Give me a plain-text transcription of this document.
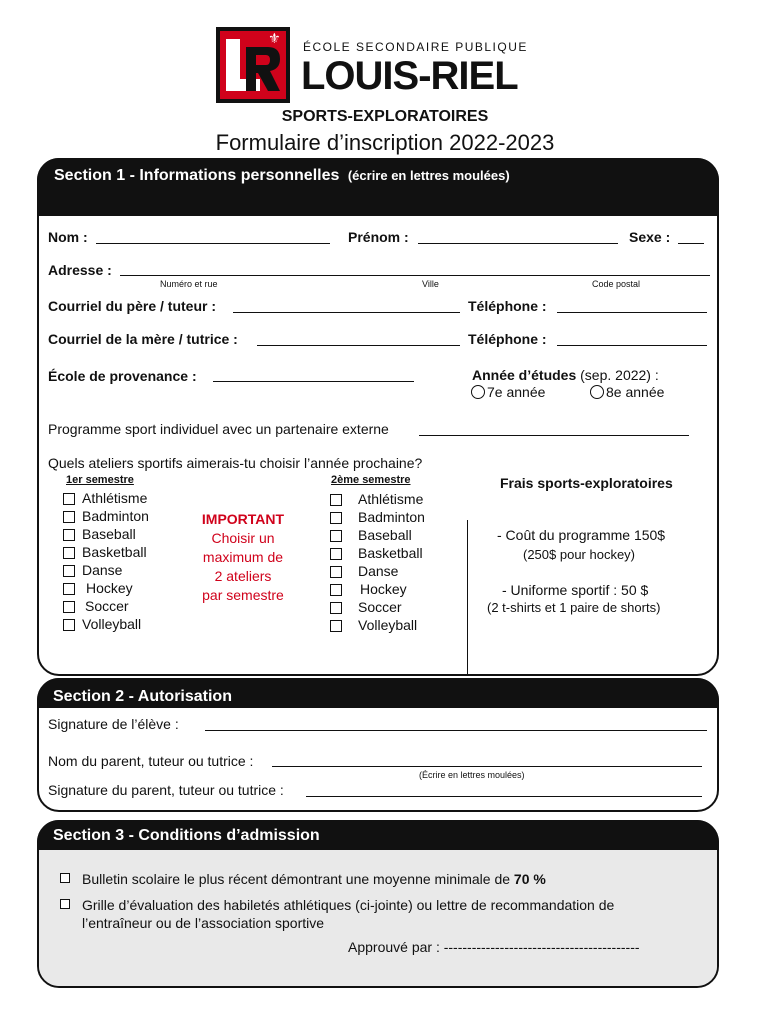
⚜ ÉCOLE SECONDAIRE PUBLIQUE
LOUIS-RIEL
SPORTS-EXPLORATOIRES
Formulaire d’inscription 2022-2023
Section 1 - Informations personnelles (écrire en lettres moulées)
Nom :	Prénom :	Sexe :
Adresse :
Numéro et rue	Ville	Code postal
Courriel du père / tuteur :	Téléphone :
Courriel de la mère / tutrice :	Téléphone :
École de provenance :	Année d’études (sep. 2022) :
7e année	8e année
Programme sport individuel avec un partenaire externe
Quels ateliers sportifs aimerais-tu choisir l’année prochaine?
1er semestre	2ème semestre
Athlétisme
Badminton
Baseball
Basketball
Danse
Hockey
Soccer
Volleyball
IMPORTANT
Choisir un
maximum de
2 ateliers
par semestre
Athlétisme
Badminton
Baseball
Basketball
Danse
Hockey
Soccer
Volleyball
Frais sports-exploratoires
- Coût du programme 150$
(250$ pour hockey)
- Uniforme sportif : 50 $
(2 t-shirts et 1 paire de shorts)
Section 2 - Autorisation
Signature de l’élève :
Nom du parent, tuteur ou tutrice :
(Écrire en lettres moulées)
Signature du parent, tuteur ou tutrice :
Section 3 - Conditions d’admission
Bulletin scolaire le plus récent démontrant une moyenne minimale de 70 %
Grille d’évaluation des habiletés athlétiques (ci-jointe) ou lettre de recommandation de
l’entraîneur ou de l’association sportive
Approuvé par : ------------------------------------------
